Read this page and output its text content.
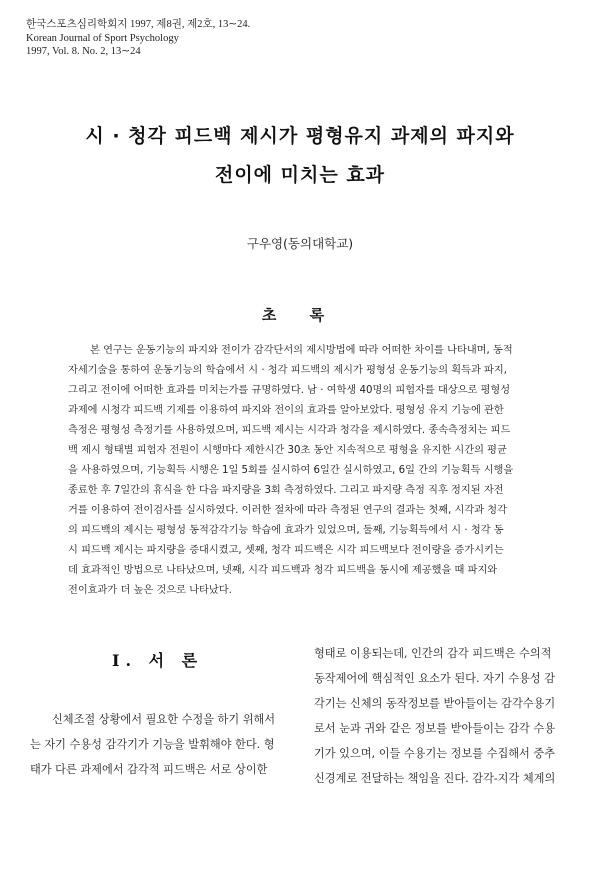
한국스포츠심리학회지 1997, 제8권, 제2호, 13∼24.
Korean Journal of Sport Psychology
1997, Vol. 8. No. 2, 13∼24
시 · 청각 피드백 제시가 평형유지 과제의 파지와
전이에 미치는 효과
구우영(동의대학교)
초 록
본 연구는 운동기능의 파지와 전이가 감각단서의 제시방법에 따라 어떠한 차이를 나타내며, 동적
자세기술을 통하여 운동기능의 학습에서 시 · 청각 피드백의 제시가 평형성 운동기능의 획득과 파지,
그리고 전이에 어떠한 효과를 미치는가를 규명하였다. 남 · 여학생 40명의 피험자를 대상으로 평형성
과제에 시청각 피드백 기제를 이용하여 파지와 전이의 효과를 알아보았다. 평형성 유지 기능에 관한
측정은 평형성 측정기를 사용하였으며, 피드백 제시는 시각과 청각을 제시하였다. 종속측정치는 피드
백 제시 형태별 피험자 전원이 시행마다 제한시간 30초 동안 지속적으로 평형을 유지한 시간의 평균
을 사용하였으며, 기능획득 시행은 1일 5회를 실시하여 6일간 실시하였고, 6일 간의 기능획득 시행을
종료한 후 7일간의 휴식을 한 다음 파지량을 3회 측정하였다. 그리고 파지량 측정 직후 정지된 자전
거를 이용하여 전이검사를 실시하였다. 이러한 절차에 따라 측정된 연구의 결과는 첫째, 시각과 청각
의 피드백의 제시는 평형성 동적감각기능 학습에 효과가 있었으며, 둘째, 기능획득에서 시 · 청각 동
시 피드백 제시는 파지량을 증대시켰고, 셋째, 청각 피드백은 시각 피드백보다 전이량을 증가시키는
데 효과적인 방법으로 나타났으며, 넷째, 시각 피드백과 청각 피드백을 동시에 제공했을 때 파지와
전이효과가 더 높은 것으로 나타났다.
I. 서 론
신체조절 상황에서 필요한 수정을 하기 위해서
는 자기 수용성 감각기가 기능을 발휘해야 한다. 형
태가 다른 과제에서 감각적 피드백은 서로 상이한
형태로 이용되는데, 인간의 감각 피드백은 수의적
동작제어에 핵심적인 요소가 된다. 자기 수용성 감
각기는 신체의 동작정보를 받아들이는 감각수용기
로서 눈과 귀와 같은 정보를 받아들이는 감각 수용
기가 있으며, 이들 수용기는 정보를 수집해서 중추
신경계로 전달하는 책임을 진다. 감각-지각 체계의
